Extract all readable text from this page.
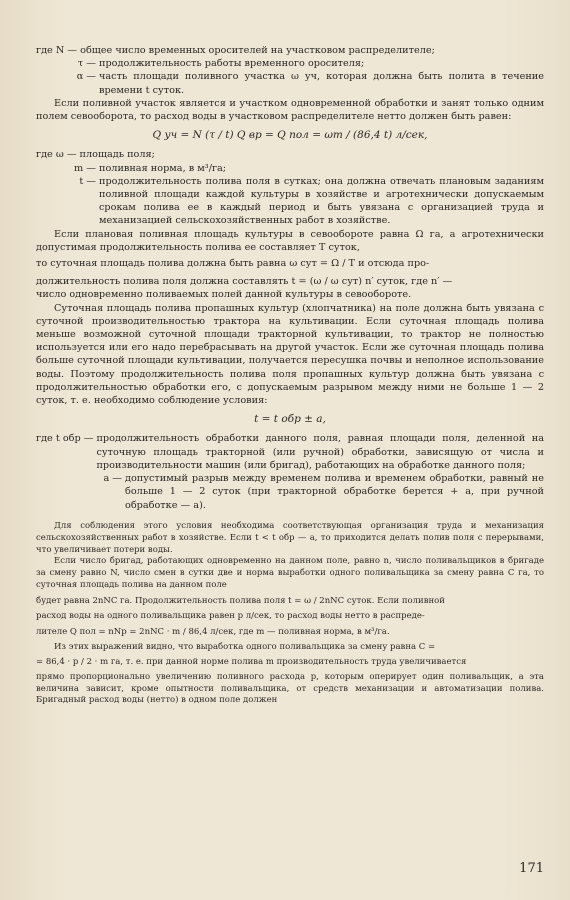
где N — общее число временных оросителей на участковом распределителе;
τ — продолжительность работы временного оросителя;
α — часть площади поливного участка ω уч, которая должна быть полита в течение времени t суток.

Если поливной участок является и участком одновременной обработки и занят только одним полем севооборота, то расход воды в участковом распределителе нетто должен быть равен:

Q уч = N (τ / t) Q вр = Q пол = ωm / (86,4 t) л/сек,
где ω — площадь поля;
m — поливная норма, в м³/га;
t — продолжительность полива поля в сутках; она должна отвечать плановым заданиям поливной площади каждой культуры в хозяйстве и агротехнически допускаемым срокам полива ее в каждый период и быть увязана с организацией труда и механизацией сельскохозяйственных работ в хозяйстве.

Если плановая поливная площадь культуры в севообороте равна Ω га, а агротехнически допустимая продолжительность полива ее составляет T суток,

то суточная площадь полива должна быть равна ω сут = Ω / T и отсюда про-

должительность полива поля должна составлять t = (ω / ω сут) n′ суток, где n′ —

число одновременно поливаемых полей данной культуры в севообороте.

Суточная площадь полива пропашных культур (хлопчатника) на поле должна быть увязана с суточной производительностью трактора на культивации. Если суточная площадь полива меньше возможной суточной площади тракторной культивации, то трактор не полностью используется или его надо перебрасывать на другой участок. Если же суточная площадь полива больше суточной площади культивации, получается пересушка почвы и неполное использование воды. Поэтому продолжительность полива поля пропашных культур должна быть увязана с продолжительностью обработки его, с допускаемым разрывом между ними не больше 1 — 2 суток, т. е. необходимо соблюдение условия:

t = t обр ± a,
где t обр — продолжительность обработки данного поля, равная площади поля, деленной на суточную площадь тракторной (или ручной) обработки, зависящую от числа и производительности машин (или бригад), работающих на обработке данного поля;
a — допустимый разрыв между временем полива и временем обработки, равный не больше 1 — 2 суток (при тракторной обработке берется + a, при ручной обработке — a).

Для соблюдения этого условия необходима соответствующая организация труда и механизация сельскохозяйственных работ в хозяйстве. Если t < t обр — a, то приходится делать полив поля с перерывами, что увеличивает потери воды.

Если число бригад, работающих одновременно на данном поле, равно n, число поливальщиков в бригаде за смену равно N, число смен в сутки две и норма выработки одного поливальщика за смену равна C га, то суточная площадь полива на данном поле

будет равна 2nNC га. Продолжительность полива поля t = ω / 2nNC суток. Если поливной

расход воды на одного поливальщика равен p л/сек, то расход воды нетто в распреде-

лителе Q пол = nNp = 2nNC · m / 86,4 л/сек, где m — поливная норма, в м³/га.

Из этих выражений видно, что выработка одного поливальщика за смену равна C =

= 86,4 · p / 2 · m га, т. е. при данной норме полива m производительность труда увеличивается

прямо пропорционально увеличению поливного расхода p, которым оперирует один поливальщик, а эта величина зависит, кроме опытности поливальщика, от средств механизации и автоматизации полива. Бригадный расход воды (нетто) в одном поле должен

171
